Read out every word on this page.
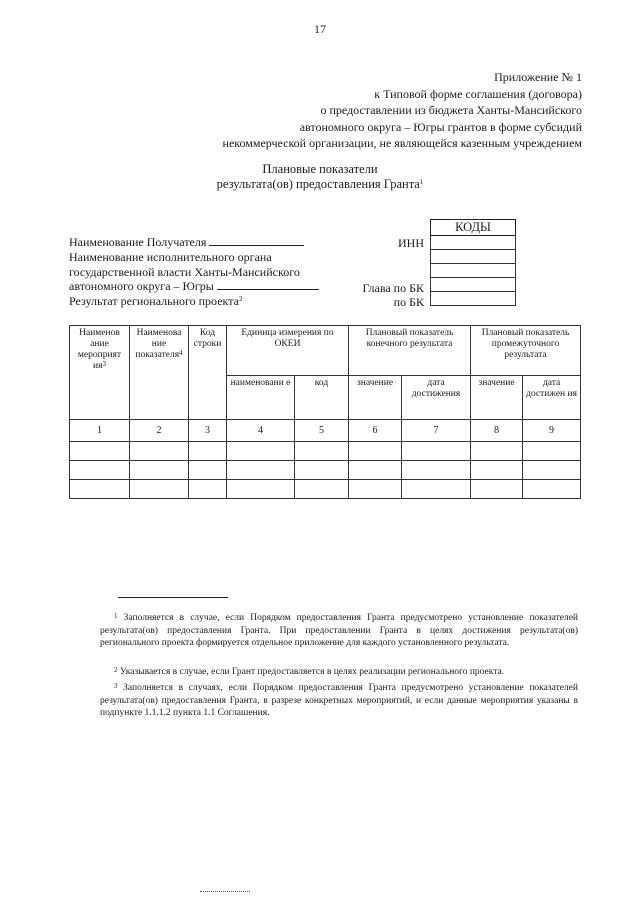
17
Приложение № 1
к Типовой форме соглашения (договора)
о предоставлении из бюджета Ханты-Мансийского
автономного округа – Югры грантов в форме субсидий
некоммерческой организации, не являющейся казенным учреждением
Плановые показатели
результата(ов) предоставления Гранта$^1$
КОДЫ

Наименование Получателя
Наименование исполнительного органа
государственной власти Ханты-Мансийского
автономного округа – Югры
Результат регионального проекта$^2$
ИНН
Глава по БК
по БК
Наименов ание мероприят $ия^3$	Наименова ние показателя$^4$	Код строки	Единица измерения по ОКЕИ		Плановый показатель конечного результата		Плановый показатель промежуточного результата	
			наименовани е	код	значение	дата достижения	значение	дата достижен ия
1	2	3	4	5	6	7	8	9

$^1$ Заполняется в случае, если Порядком предоставления Гранта предусмотрено установление показателей результата(ов) предоставления Гранта. При предоставлении Гранта в целях достижения результата(ов) регионального проекта формируется отдельное приложение для каждого установленного результата.
$^2$ Указывается в случае, если Грант предоставляется в целях реализации регионального проекта.
$^3$ Заполняется в случаях, если Порядком предоставления Гранта предусмотрено установление показателей результата(ов) предоставления Гранта, в разрезе конкретных мероприятий, и если данные мероприятия указаны в подпункте 1.1.1.2 пункта 1.1 Соглашения.
